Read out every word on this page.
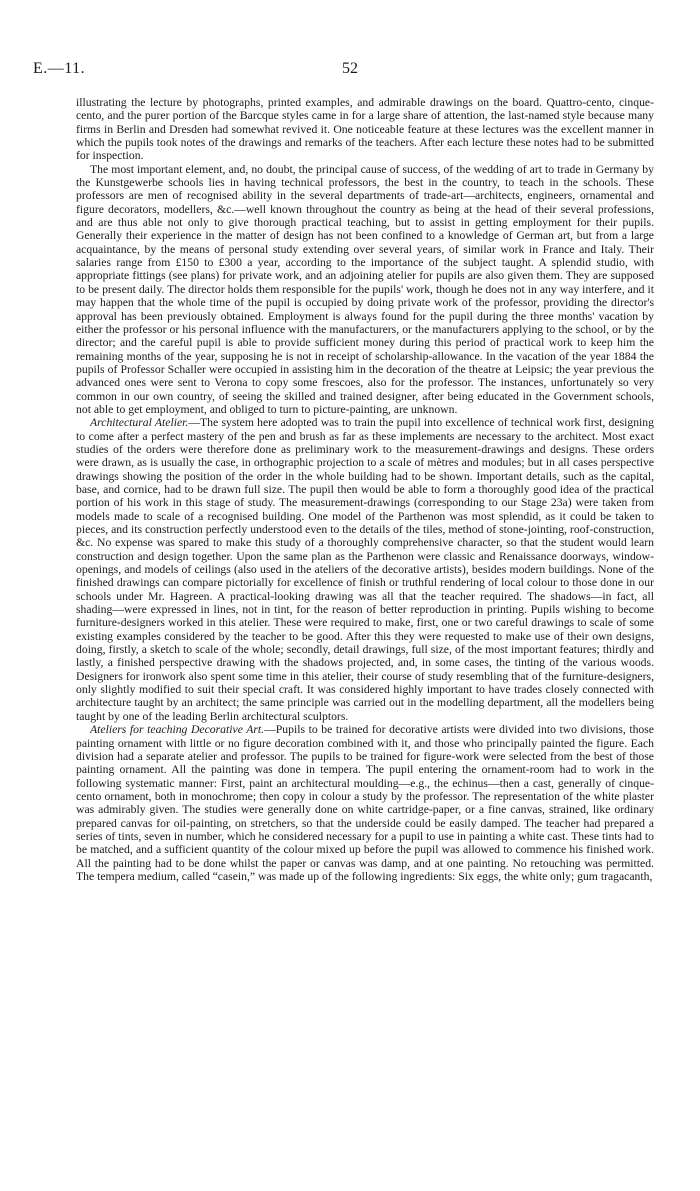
E.—11.	52

illustrating the lecture by photographs, printed examples, and admirable drawings on the board. Quattro-cento, cinque-cento, and the purer portion of the Barcque styles came in for a large share of attention, the last-named style because many firms in Berlin and Dresden had somewhat revived it. One noticeable feature at these lectures was the excellent manner in which the pupils took notes of the drawings and remarks of the teachers. After each lecture these notes had to be submitted for inspection.

The most important element, and, no doubt, the principal cause of success, of the wedding of art to trade in Germany by the Kunstgewerbe schools lies in having technical professors, the best in the country, to teach in the schools. These professors are men of recognised ability in the several departments of trade-art—architects, engineers, ornamental and figure decorators, modellers, &c.—well known throughout the country as being at the head of their several professions, and are thus able not only to give thorough practical teaching, but to assist in getting employment for their pupils. Generally their experience in the matter of design has not been confined to a knowledge of German art, but from a large acquaintance, by the means of personal study extending over several years, of similar work in France and Italy. Their salaries range from £150 to £300 a year, according to the importance of the subject taught. A splendid studio, with appropriate fittings (see plans) for private work, and an adjoining atelier for pupils are also given them. They are supposed to be present daily. The director holds them responsible for the pupils' work, though he does not in any way interfere, and it may happen that the whole time of the pupil is occupied by doing private work of the professor, providing the director's approval has been previously obtained. Employment is always found for the pupil during the three months' vacation by either the professor or his personal influence with the manufacturers, or the manufacturers applying to the school, or by the director; and the careful pupil is able to provide sufficient money during this period of practical work to keep him the remaining months of the year, supposing he is not in receipt of scholarship-allowance. In the vacation of the year 1884 the pupils of Professor Schaller were occupied in assisting him in the decoration of the theatre at Leipsic; the year previous the advanced ones were sent to Verona to copy some frescoes, also for the professor. The instances, unfortunately so very common in our own country, of seeing the skilled and trained designer, after being educated in the Government schools, not able to get employment, and obliged to turn to picture-painting, are unknown.

Architectural Atelier.—The system here adopted was to train the pupil into excellence of technical work first, designing to come after a perfect mastery of the pen and brush as far as these implements are necessary to the architect. Most exact studies of the orders were therefore done as preliminary work to the measurement-drawings and designs. These orders were drawn, as is usually the case, in orthographic projection to a scale of mètres and modules; but in all cases perspective drawings showing the position of the order in the whole building had to be shown. Important details, such as the capital, base, and cornice, had to be drawn full size. The pupil then would be able to form a thoroughly good idea of the practical portion of his work in this stage of study. The measurement-drawings (corresponding to our Stage 23a) were taken from models made to scale of a recognised building. One model of the Parthenon was most splendid, as it could be taken to pieces, and its construction perfectly understood even to the details of the tiles, method of stone-jointing, roof-construction, &c. No expense was spared to make this study of a thoroughly comprehensive character, so that the student would learn construction and design together. Upon the same plan as the Parthenon were classic and Renaissance doorways, window-openings, and models of ceilings (also used in the ateliers of the decorative artists), besides modern buildings. None of the finished drawings can compare pictorially for excellence of finish or truthful rendering of local colour to those done in our schools under Mr. Hagreen. A practical-looking drawing was all that the teacher required. The shadows—in fact, all shading—were expressed in lines, not in tint, for the reason of better reproduction in printing. Pupils wishing to become furniture-designers worked in this atelier. These were required to make, first, one or two careful drawings to scale of some existing examples considered by the teacher to be good. After this they were requested to make use of their own designs, doing, firstly, a sketch to scale of the whole; secondly, detail drawings, full size, of the most important features; thirdly and lastly, a finished perspective drawing with the shadows projected, and, in some cases, the tinting of the various woods. Designers for ironwork also spent some time in this atelier, their course of study resembling that of the furniture-designers, only slightly modified to suit their special craft. It was considered highly important to have trades closely connected with architecture taught by an architect; the same principle was carried out in the modelling department, all the modellers being taught by one of the leading Berlin architectural sculptors.

Ateliers for teaching Decorative Art.—Pupils to be trained for decorative artists were divided into two divisions, those painting ornament with little or no figure decoration combined with it, and those who principally painted the figure. Each division had a separate atelier and professor. The pupils to be trained for figure-work were selected from the best of those painting ornament. All the painting was done in tempera. The pupil entering the ornament-room had to work in the following systematic manner: First, paint an architectural moulding—e.g., the echinus—then a cast, generally of cinque-cento ornament, both in monochrome; then copy in colour a study by the professor. The representation of the white plaster was admirably given. The studies were generally done on white cartridge-paper, or a fine canvas, strained, like ordinary prepared canvas for oil-painting, on stretchers, so that the underside could be easily damped. The teacher had prepared a series of tints, seven in number, which he considered necessary for a pupil to use in painting a white cast. These tints had to be matched, and a sufficient quantity of the colour mixed up before the pupil was allowed to commence his finished work. All the painting had to be done whilst the paper or canvas was damp, and at one painting. No retouching was permitted. The tempera medium, called “casein,” was made up of the following ingredients: Six eggs, the white only; gum tragacanth,
